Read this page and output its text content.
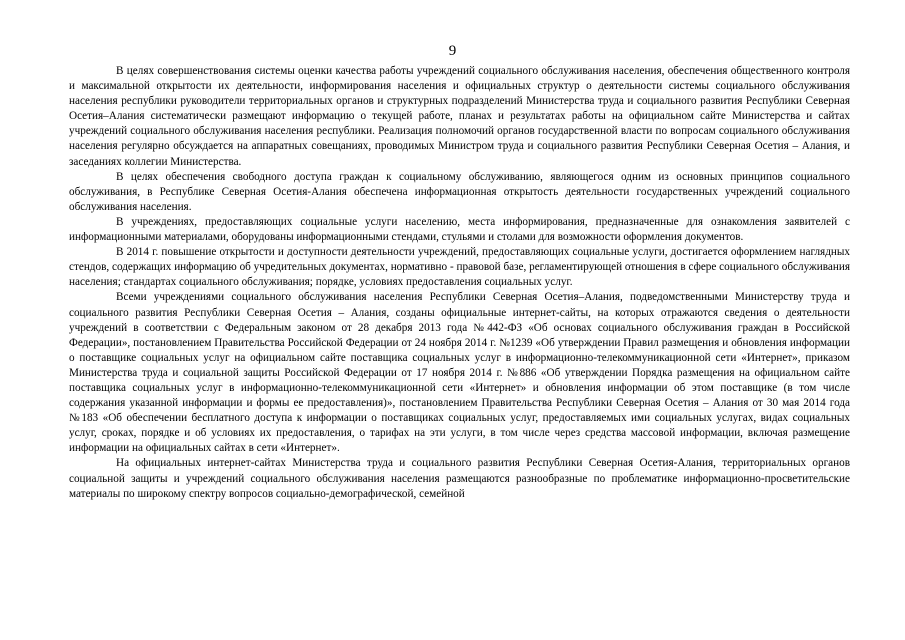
9

В целях совершенствования системы оценки качества работы учреждений социального обслуживания населения, обеспечения общественного контроля и максимальной открытости их деятельности, информирования населения и официальных структур о деятельности системы социального обслуживания населения республики руководители территориальных органов и структурных подразделений Министерства труда и социального развития Республики Северная Осетия–Алания систематически размещают информацию о текущей работе, планах и результатах работы на официальном сайте Министерства и сайтах учреждений социального обслуживания населения республики. Реализация полномочий органов государственной власти по вопросам социального обслуживания населения регулярно обсуждается на аппаратных совещаниях, проводимых Министром труда и социального развития Республики Северная Осетия – Алания, и заседаниях коллегии Министерства.

В целях обеспечения свободного доступа граждан к социальному обслуживанию, являющегося одним из основных принципов социального обслуживания, в Республике Северная Осетия-Алания обеспечена информационная открытость деятельности государственных учреждений социального обслуживания населения.

В учреждениях, предоставляющих социальные услуги населению, места информирования, предназначенные для ознакомления заявителей с информационными материалами, оборудованы информационными стендами, стульями и столами для возможности оформления документов.

В 2014 г. повышение открытости и доступности деятельности учреждений, предоставляющих социальные услуги, достигается оформлением наглядных стендов, содержащих информацию об учредительных документах, нормативно - правовой базе, регламентирующей отношения в сфере социального обслуживания населения; стандартах социального обслуживания; порядке, условиях предоставления социальных услуг.

Всеми учреждениями социального обслуживания населения Республики Северная Осетия–Алания, подведомственными Министерству труда и социального развития Республики Северная Осетия – Алания, созданы официальные интернет-сайты, на которых отражаются сведения о деятельности учреждений в соответствии с Федеральным законом от 28 декабря 2013 года №442-ФЗ «Об основах социального обслуживания граждан в Российской Федерации», постановлением Правительства Российской Федерации от 24 ноября 2014 г. №1239 «Об утверждении Правил размещения и обновления информации о поставщике социальных услуг на официальном сайте поставщика социальных услуг в информационно-телекоммуникационной сети «Интернет», приказом Министерства труда и социальной защиты Российской Федерации от 17 ноября 2014 г. №886 «Об утверждении Порядка размещения на официальном сайте поставщика социальных услуг в информационно-телекоммуникационной сети «Интернет» и обновления информации об этом поставщике (в том числе содержания указанной информации и формы ее предоставления)», постановлением Правительства Республики Северная Осетия – Алания от 30 мая 2014 года №183 «Об обеспечении бесплатного доступа к информации о поставщиках социальных услуг, предоставляемых ими социальных услугах, видах социальных услуг, сроках, порядке и об условиях их предоставления, о тарифах на эти услуги, в том числе через средства массовой информации, включая размещение информации на официальных сайтах в сети «Интернет».

На официальных интернет-сайтах Министерства труда и социального развития Республики Северная Осетия-Алания, территориальных органов социальной защиты и учреждений социального обслуживания населения размещаются разнообразные по проблематике информационно-просветительские материалы по широкому спектру вопросов социально-демографической, семейной
